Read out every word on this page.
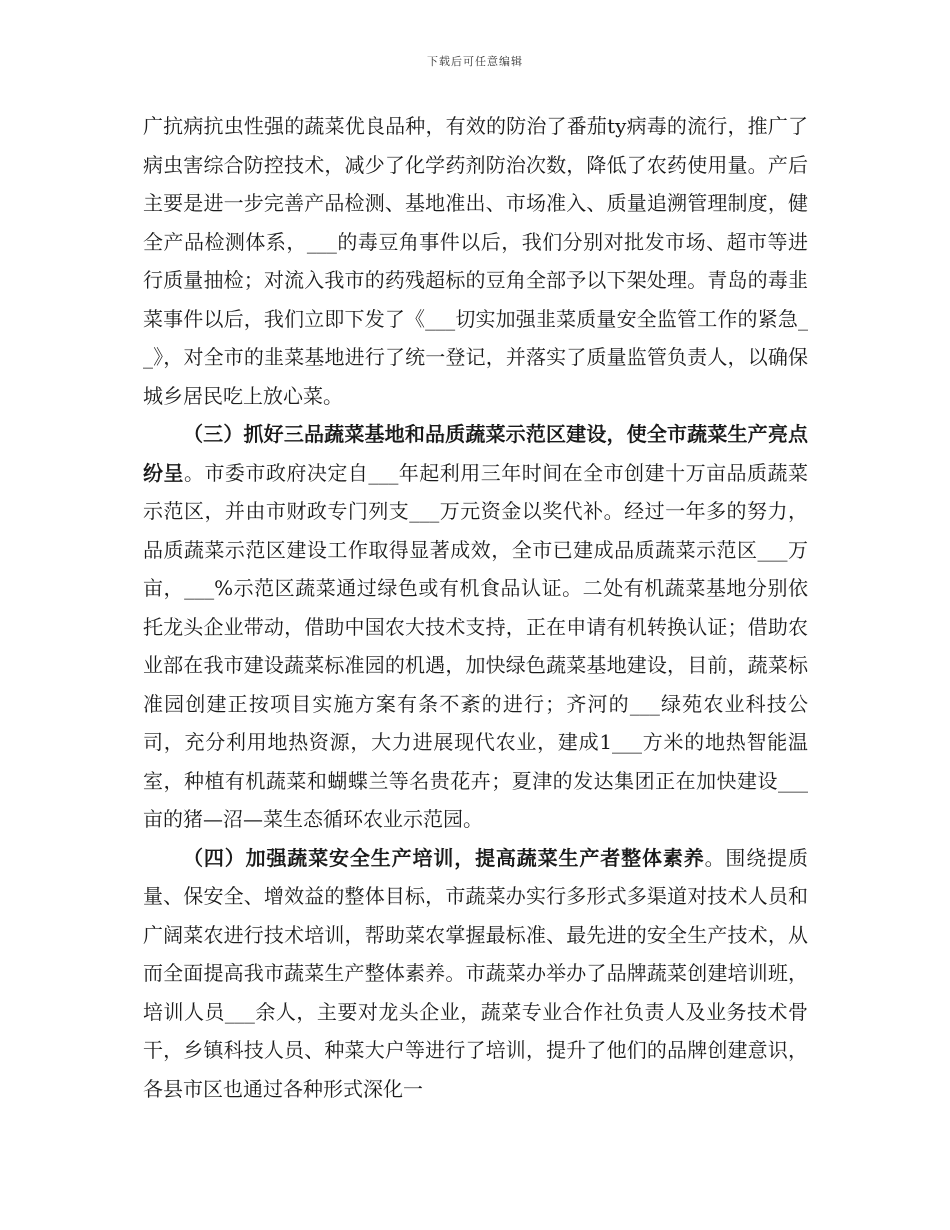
下载后可任意编辑

广抗病抗虫性强的蔬菜优良品种，有效的防治了番茄ty病毒的流行，推广了病虫害综合防控技术，减少了化学药剂防治次数，降低了农药使用量。产后主要是进一步完善产品检测、基地准出、市场准入、质量追溯管理制度，健全产品检测体系，___的毒豆角事件以后，我们分别对批发市场、超市等进行质量抽检；对流入我市的药残超标的豆角全部予以下架处理。青岛的毒韭菜事件以后，我们立即下发了《___切实加强韭菜质量安全监管工作的紧急__》，对全市的韭菜基地进行了统一登记，并落实了质量监管负责人，以确保城乡居民吃上放心菜。

（三）抓好三品蔬菜基地和品质蔬菜示范区建设，使全市蔬菜生产亮点纷呈。市委市政府决定自___年起利用三年时间在全市创建十万亩品质蔬菜示范区，并由市财政专门列支___万元资金以奖代补。经过一年多的努力，品质蔬菜示范区建设工作取得显著成效，全市已建成品质蔬菜示范区___万亩，___%示范区蔬菜通过绿色或有机食品认证。二处有机蔬菜基地分别依托龙头企业带动，借助中国农大技术支持，正在申请有机转换认证；借助农业部在我市建设蔬菜标准园的机遇，加快绿色蔬菜基地建设，目前，蔬菜标准园创建正按项目实施方案有条不紊的进行；齐河的___绿苑农业科技公司，充分利用地热资源，大力进展现代农业，建成1___方米的地热智能温室，种植有机蔬菜和蝴蝶兰等名贵花卉；夏津的发达集团正在加快建设___亩的猪—沼—菜生态循环农业示范园。

（四）加强蔬菜安全生产培训，提高蔬菜生产者整体素养。围绕提质量、保安全、增效益的整体目标，市蔬菜办实行多形式多渠道对技术人员和广阔菜农进行技术培训，帮助菜农掌握最标准、最先进的安全生产技术，从而全面提高我市蔬菜生产整体素养。市蔬菜办举办了品牌蔬菜创建培训班，培训人员___余人，主要对龙头企业，蔬菜专业合作社负责人及业务技术骨干，乡镇科技人员、种菜大户等进行了培训，提升了他们的品牌创建意识，各县市区也通过各种形式深化一
